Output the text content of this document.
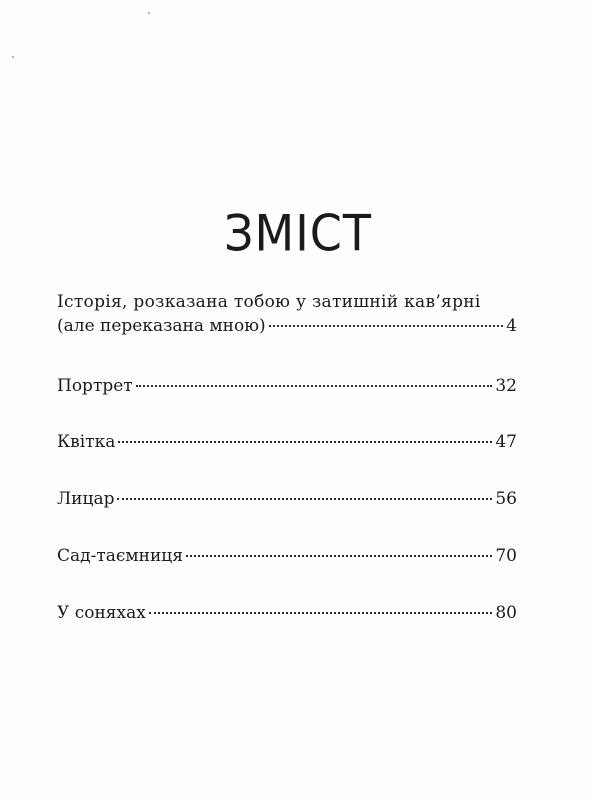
ЗМІСТ
Історія, розказана тобою у затишній кав’ярні
(але переказана мною)	4
Портрет	32
Квітка	47
Лицар	56
Сад-таємниця	70
У соняхах	80
